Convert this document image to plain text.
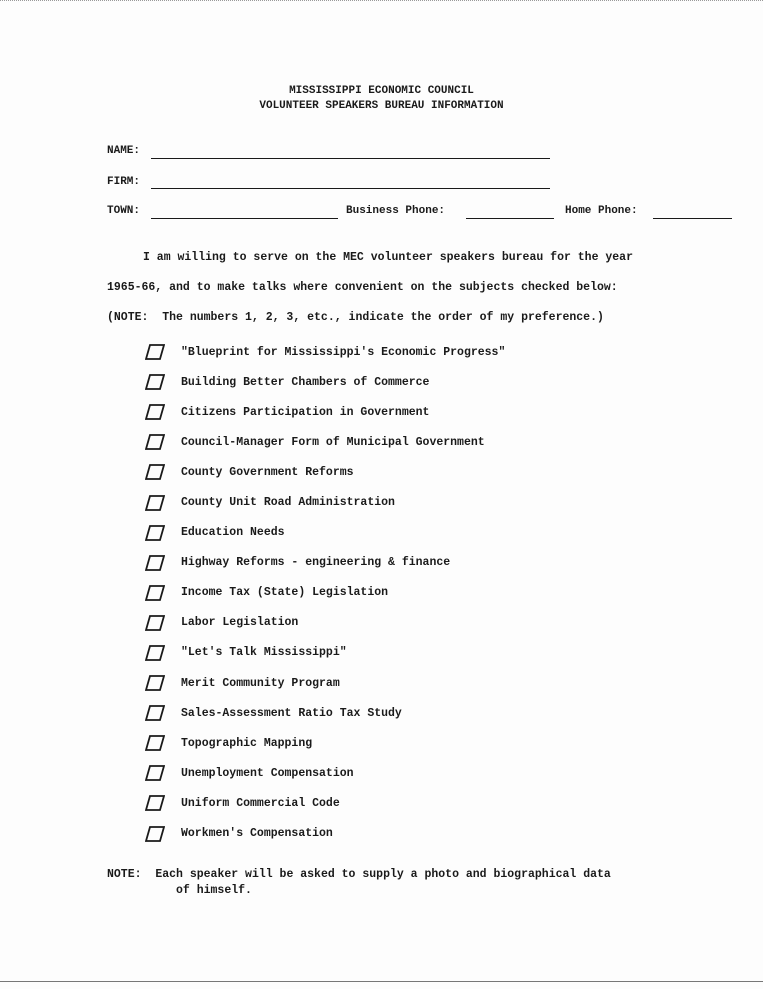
MISSISSIPPI ECONOMIC COUNCIL
VOLUNTEER SPEAKERS BUREAU INFORMATION
NAME:
FIRM:
TOWN:	Business Phone:	Home Phone:
I am willing to serve on the MEC volunteer speakers bureau for the year
1965-66, and to make talks where convenient on the subjects checked below:
(NOTE:  The numbers 1, 2, 3, etc., indicate the order of my preference.)
"Blueprint for Mississippi's Economic Progress"
Building Better Chambers of Commerce
Citizens Participation in Government
Council-Manager Form of Municipal Government
County Government Reforms
County Unit Road Administration
Education Needs
Highway Reforms - engineering & finance
Income Tax (State) Legislation
Labor Legislation
"Let's Talk Mississippi"
Merit Community Program
Sales-Assessment Ratio Tax Study
Topographic Mapping
Unemployment Compensation
Uniform Commercial Code
Workmen's Compensation
NOTE: Each speaker will be asked to supply a photo and biographical data
of himself.
